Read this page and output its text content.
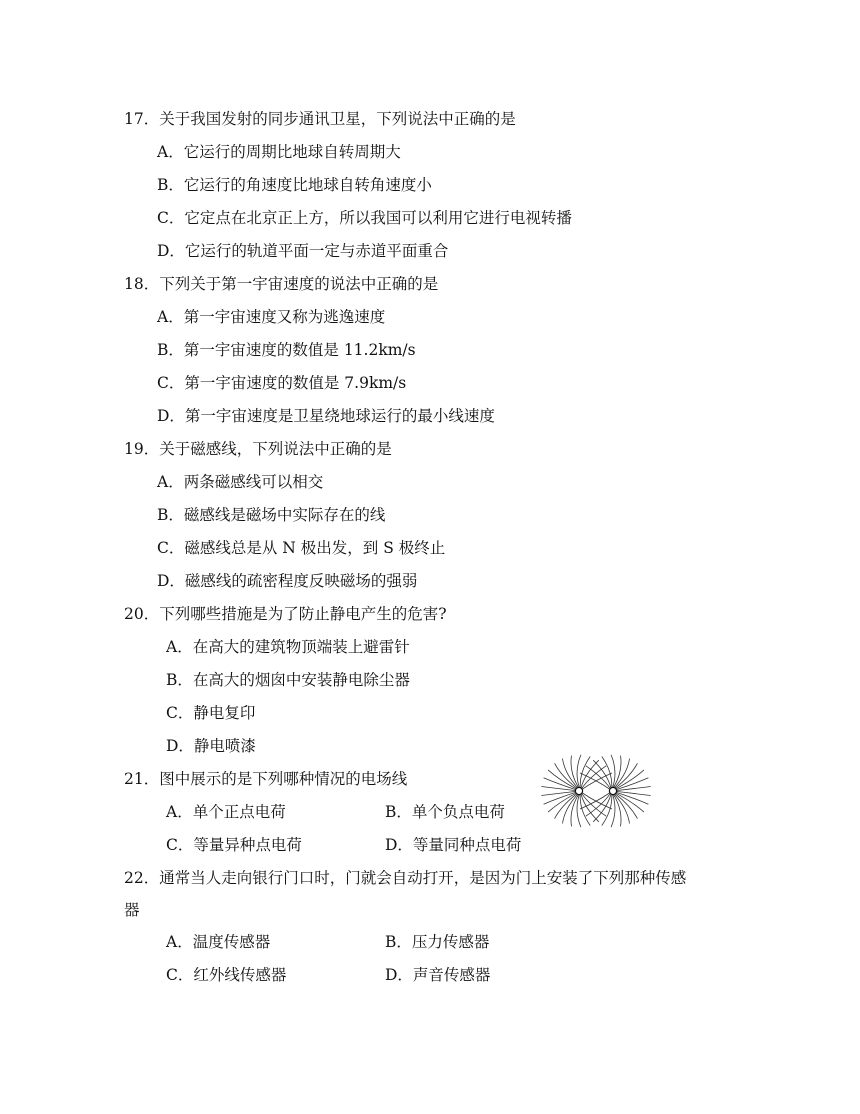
17．关于我国发射的同步通讯卫星，下列说法中正确的是
A．它运行的周期比地球自转周期大
B．它运行的角速度比地球自转角速度小
C．它定点在北京正上方，所以我国可以利用它进行电视转播
D．它运行的轨道平面一定与赤道平面重合
18．下列关于第一宇宙速度的说法中正确的是
A．第一宇宙速度又称为逃逸速度
B．第一宇宙速度的数值是 11.2km/s
C．第一宇宙速度的数值是 7.9km/s
D．第一宇宙速度是卫星绕地球运行的最小线速度
19．关于磁感线，下列说法中正确的是
A．两条磁感线可以相交
B．磁感线是磁场中实际存在的线
C．磁感线总是从 N 极出发，到 S 极终止
D．磁感线的疏密程度反映磁场的强弱
20．下列哪些措施是为了防止静电产生的危害?
A．在高大的建筑物顶端装上避雷针
B．在高大的烟囱中安装静电除尘器
C．静电复印
D．静电喷漆
21．图中展示的是下列哪种情况的电场线
A．单个正点电荷	B．单个负点电荷
C．等量异种点电荷	D．等量同种点电荷
22．通常当人走向银行门口时，门就会自动打开，是因为门上安装了下列那种传感
器
A．温度传感器	B．压力传感器
C．红外线传感器	D．声音传感器
